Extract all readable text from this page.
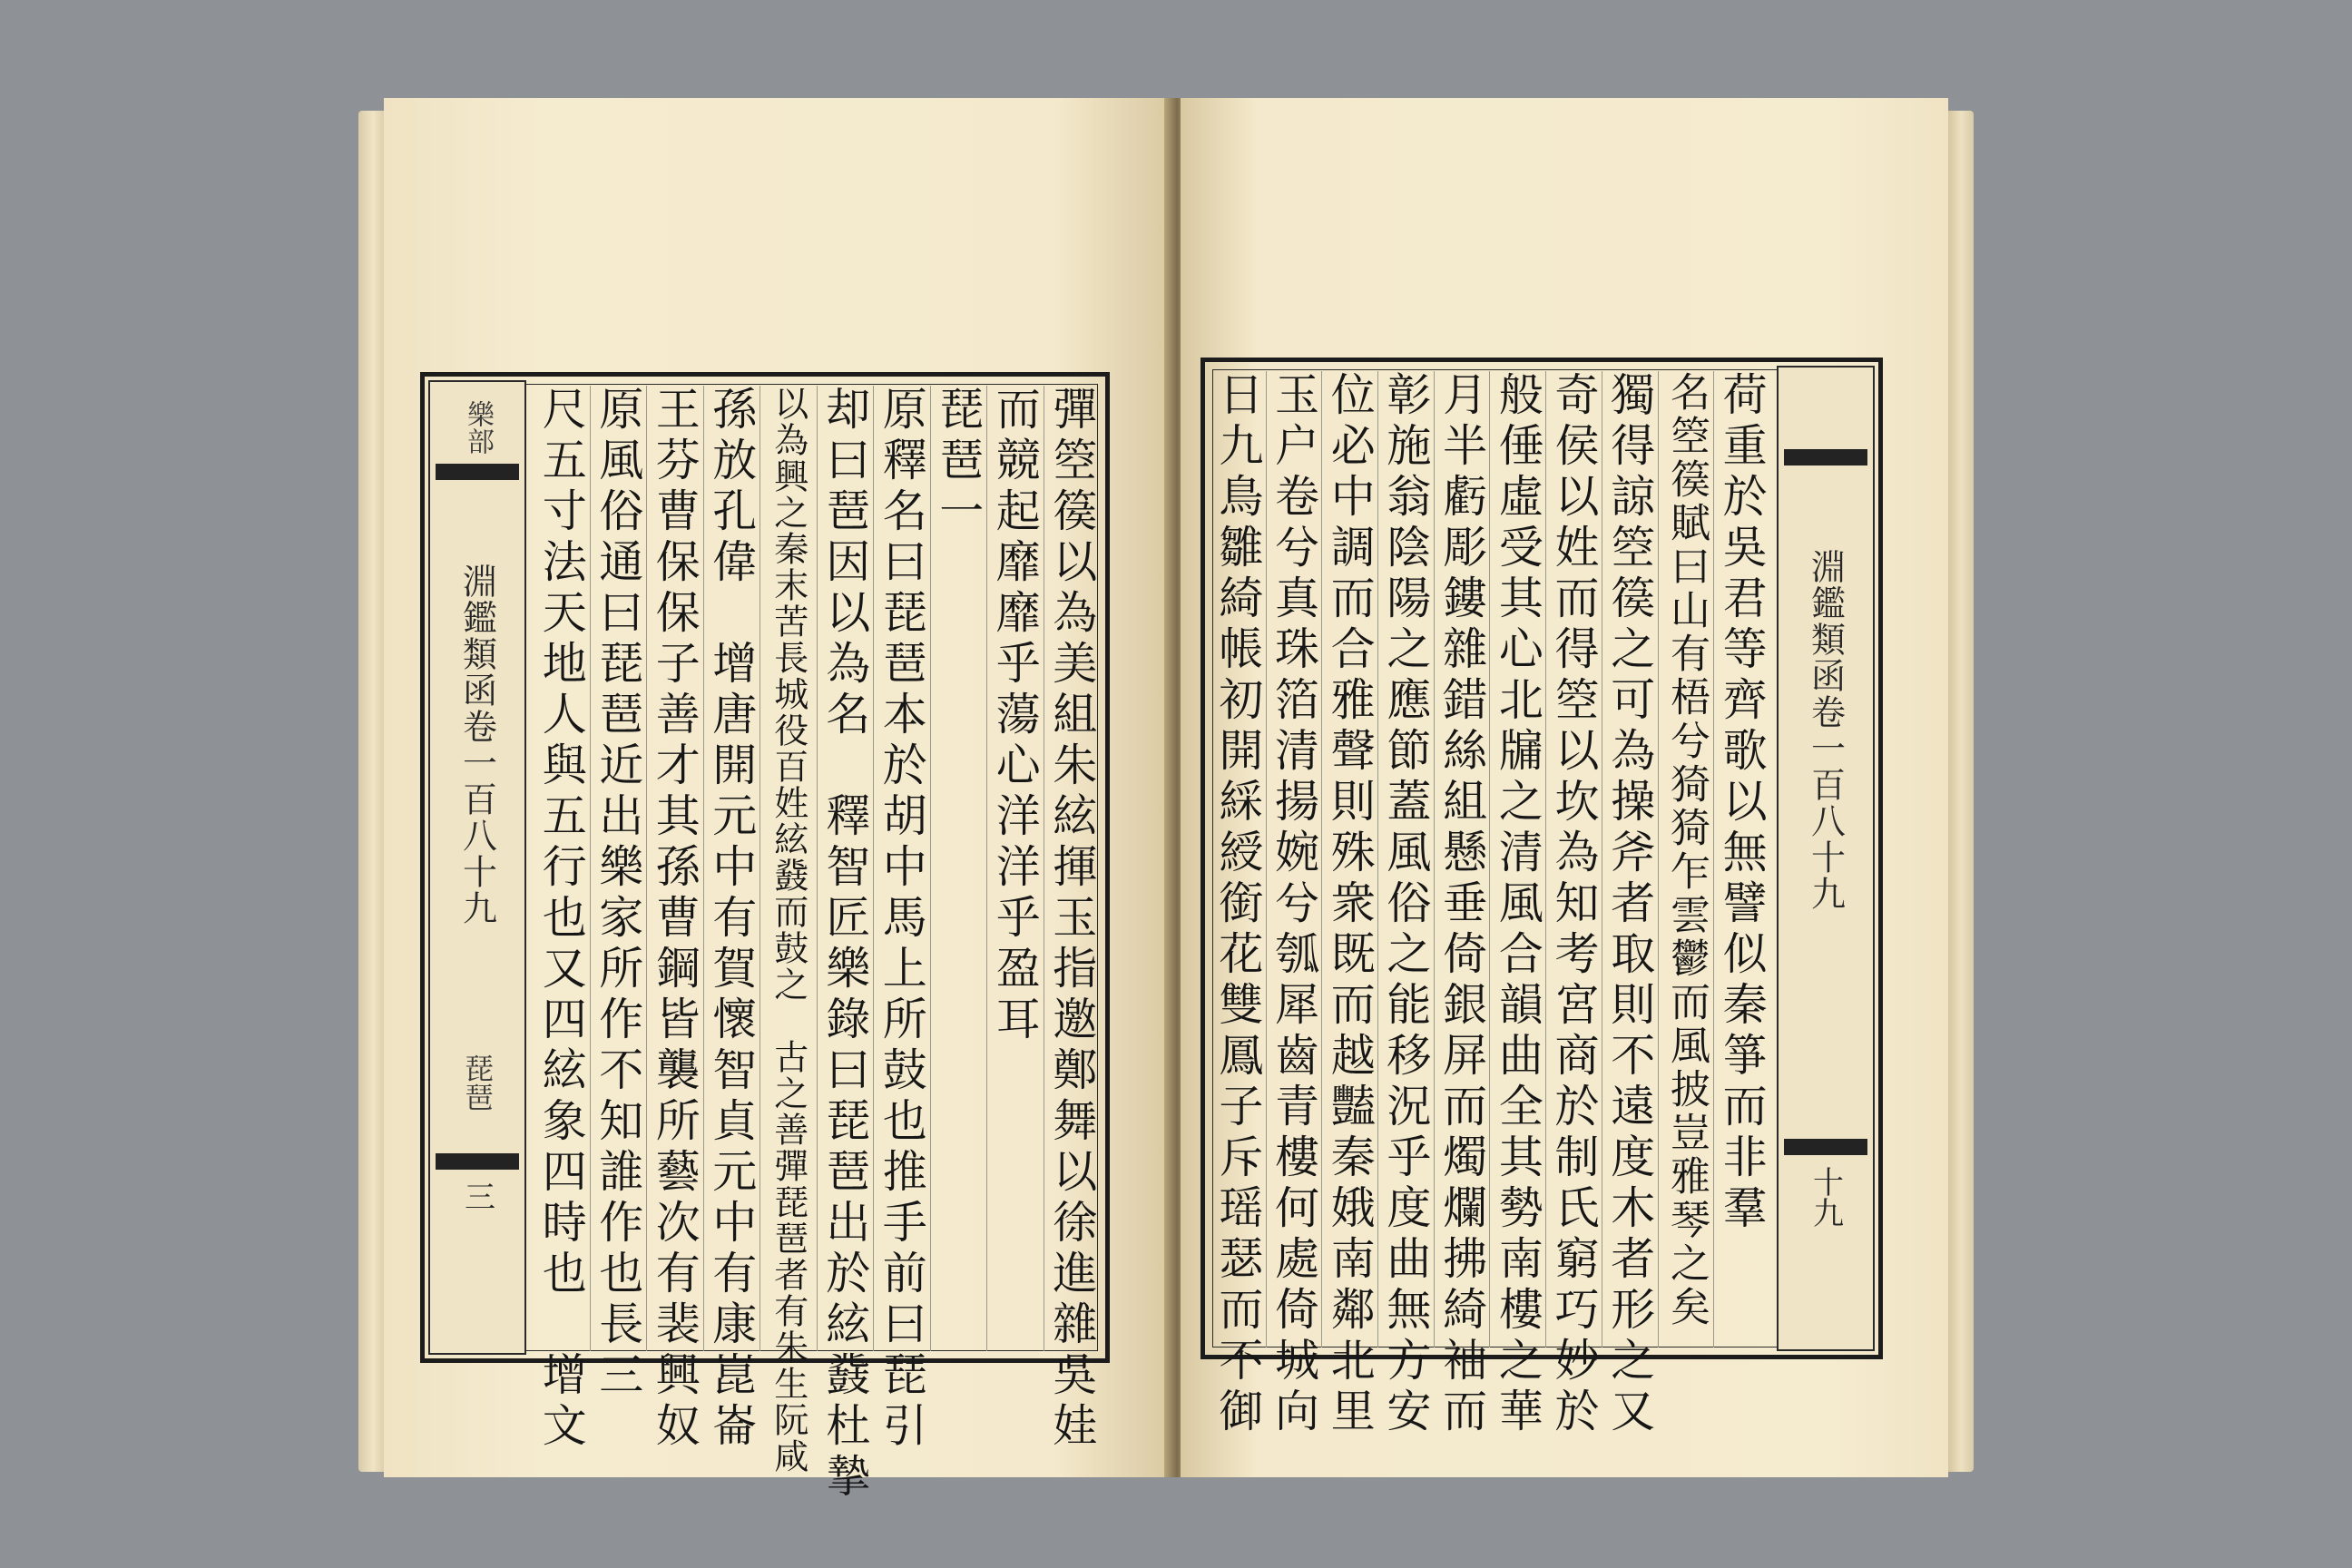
樂部
淵鑑類函卷一百八十九
琵琶
三	彈箜篌以為美組朱絃揮玉指邀鄭舞以徐進雜吳娃
而競起靡靡乎蕩心洋洋乎盈耳
琵琶一
原釋名曰琵琶本於胡中馬上所鼓也推手前曰琵引
却曰琶因以為名　釋智匠樂錄曰琵琶出於絃鼗杜摯
以為興之秦末苦長城役百姓絃鼗而鼓之　古之善彈琵琶者有朱生阮咸
孫放孔偉　增唐開元中有賀懷智貞元中有康崑崙
王芬曹保保子善才其孫曹鋼皆襲所藝次有裴興奴
原風俗通曰琵琶近出樂家所作不知誰作也長三
尺五寸法天地人與五行也又四絃象四時也　增文	淵鑑類函卷一百八十九
十九
荷重於吳君等齊歌以無譬似秦箏而非羣
名箜篌賦曰山有梧兮猗猗乍雲鬱而風披豈雅琴之矣
獨得諒箜篌之可為操斧者取則不遠度木者形之又
奇侯以姓而得箜以坎為知考宮商於制氏窮巧妙於
般倕虛受其心北牖之清風合韻曲全其勢南樓之華
月半虧彫鏤雜錯絲組懸垂倚銀屏而燭爛拂綺袖而
彰施翁陰陽之應節蓋風俗之能移況乎度曲無方安
位必中調而合雅聲則殊衆既而越豔秦娥南鄰北里
玉户卷兮真珠箔清揚婉兮瓠犀齒青樓何處倚城向
日九鳥雛綺帳初開綵綬銜花雙鳳子斥瑶瑟而不御
